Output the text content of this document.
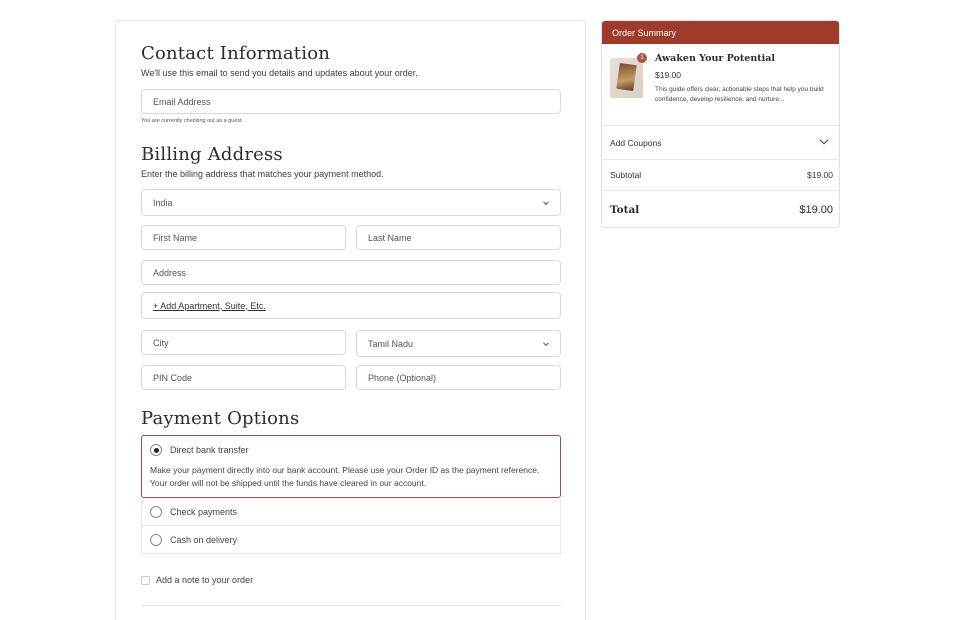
Contact Information
We'll use this email to send you details and updates about your order.
Email Address
You are currently checking out as a guest.
Billing Address
Enter the billing address that matches your payment method.
India
First Name	Last Name
Address
+ Add Apartment, Suite, Etc.
City	Tamil Nadu
PIN Code	Phone (Optional)
Payment Options
Direct bank transfer
Make your payment directly into our bank account. Please use your Order ID as the payment reference. Your order will not be shipped until the funds have cleared in our account.
Check payments
Cash on delivery
Add a note to your order
Order Summary
1	Awaken Your Potential
$19.00
This guide offers clear, actionable steps that help you build confidence, develop resilience, and nurture...
Add Coupons
Subtotal	$19.00
Total	$19.00
